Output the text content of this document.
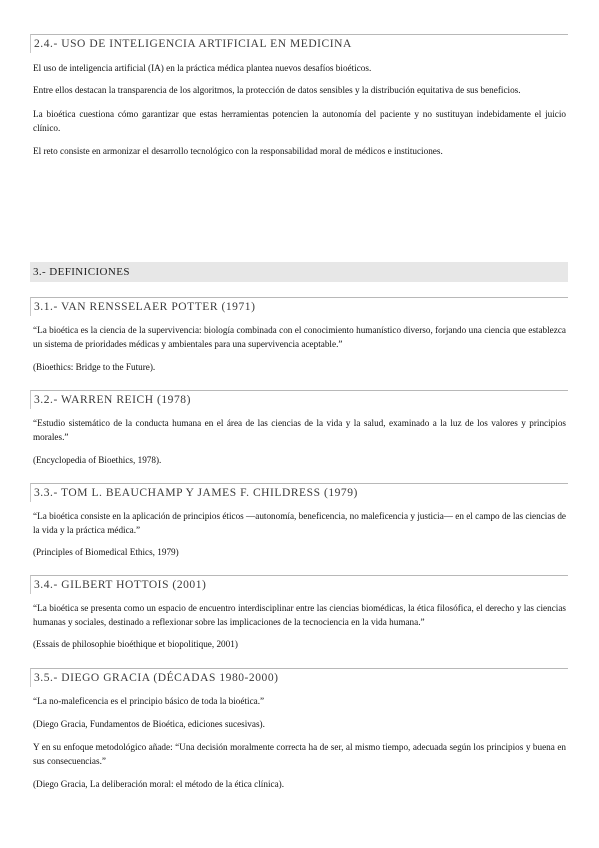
2.4.- USO DE INTELIGENCIA ARTIFICIAL EN MEDICINA

El uso de inteligencia artificial (IA) en la práctica médica plantea nuevos desafíos bioéticos.

Entre ellos destacan la transparencia de los algoritmos, la protección de datos sensibles y la distribución equitativa de sus beneficios.

La bioética cuestiona cómo garantizar que estas herramientas potencien la autonomía del paciente y no sustituyan indebidamente el juicio clínico.

El reto consiste en armonizar el desarrollo tecnológico con la responsabilidad moral de médicos e instituciones.

3.- DEFINICIONES
3.1.- VAN RENSSELAER POTTER (1971)

“La bioética es la ciencia de la supervivencia: biología combinada con el conocimiento humanístico diverso, forjando una ciencia que establezca un sistema de prioridades médicas y ambientales para una supervivencia aceptable.”

(Bioethics: Bridge to the Future).

3.2.- WARREN REICH (1978)

“Estudio sistemático de la conducta humana en el área de las ciencias de la vida y la salud, examinado a la luz de los valores y principios morales.”

(Encyclopedia of Bioethics, 1978).

3.3.- TOM L. BEAUCHAMP Y JAMES F. CHILDRESS (1979)

“La bioética consiste en la aplicación de principios éticos —autonomía, beneficencia, no maleficencia y justicia— en el campo de las ciencias de la vida y la práctica médica.”

(Principles of Biomedical Ethics, 1979)

3.4.- GILBERT HOTTOIS (2001)

“La bioética se presenta como un espacio de encuentro interdisciplinar entre las ciencias biomédicas, la ética filosófica, el derecho y las ciencias humanas y sociales, destinado a reflexionar sobre las implicaciones de la tecnociencia en la vida humana.”

(Essais de philosophie bioéthique et biopolitique, 2001)

3.5.- DIEGO GRACIA (DÉCADAS 1980-2000)

“La no-maleficencia es el principio básico de toda la bioética.”

(Diego Gracia, Fundamentos de Bioética, ediciones sucesivas).

Y en su enfoque metodológico añade: “Una decisión moralmente correcta ha de ser, al mismo tiempo, adecuada según los principios y buena en sus consecuencias.”

(Diego Gracia, La deliberación moral: el método de la ética clínica).
